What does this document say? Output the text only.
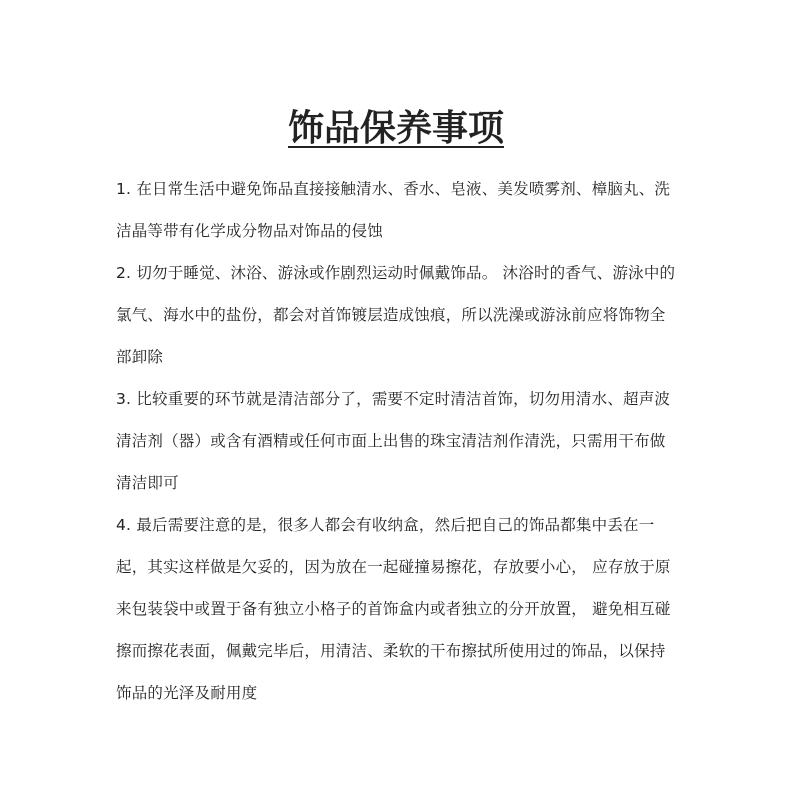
饰品保养事项

1. 在日常生活中避免饰品直接接触清水、香水、皂液、美发喷雾剂、樟脑丸、洗洁晶等带有化学成分物品对饰品的侵蚀

2. 切勿于睡觉、沐浴、游泳或作剧烈运动时佩戴饰品。 沐浴时的香气、游泳中的氯气、海水中的盐份，都会对首饰镀层造成蚀痕，所以洗澡或游泳前应将饰物全部卸除

3. 比较重要的环节就是清洁部分了，需要不定时清洁首饰，切勿用清水、超声波清洁剂（器）或含有酒精或任何市面上出售的珠宝清洁剂作清洗，只需用干布做清洁即可

4. 最后需要注意的是，很多人都会有收纳盒，然后把自己的饰品都集中丢在一起，其实这样做是欠妥的，因为放在一起碰撞易擦花，存放要小心， 应存放于原来包装袋中或置于备有独立小格子的首饰盒内或者独立的分开放置， 避免相互碰擦而擦花表面，佩戴完毕后，用清洁、柔软的干布擦拭所使用过的饰品，以保持饰品的光泽及耐用度
